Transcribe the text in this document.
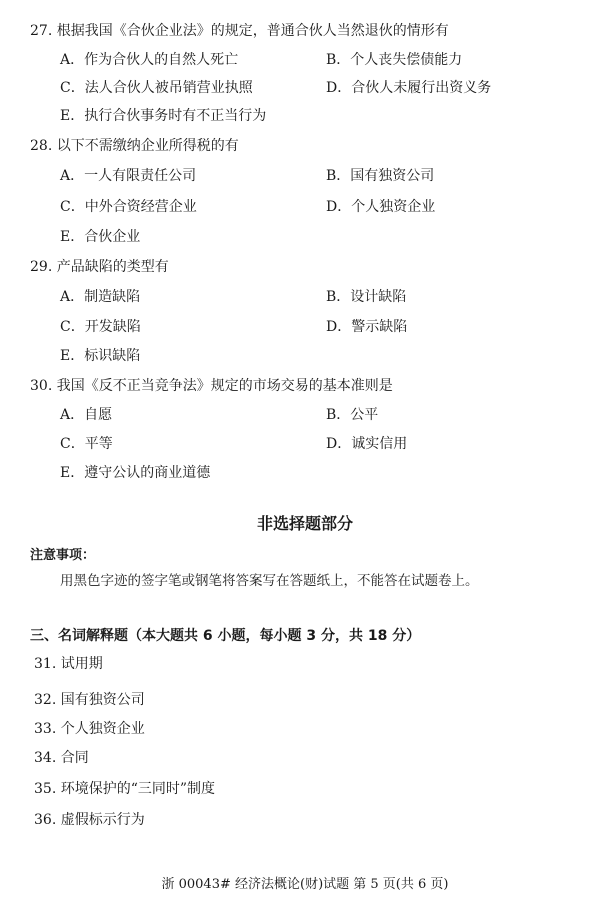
27. 根据我国《合伙企业法》的规定，普通合伙人当然退伙的情形有
A．作为合伙人的自然人死亡	B．个人丧失偿债能力
C．法人合伙人被吊销营业执照	D．合伙人未履行出资义务
E．执行合伙事务时有不正当行为
28. 以下不需缴纳企业所得税的有
A．一人有限责任公司	B．国有独资公司
C．中外合资经营企业	D．个人独资企业
E．合伙企业
29. 产品缺陷的类型有
A．制造缺陷	B．设计缺陷
C．开发缺陷	D．警示缺陷
E．标识缺陷
30. 我国《反不正当竞争法》规定的市场交易的基本准则是
A．自愿	B．公平
C．平等	D．诚实信用
E．遵守公认的商业道德
非选择题部分
注意事项：
用黑色字迹的签字笔或钢笔将答案写在答题纸上，不能答在试题卷上。
三、名词解释题（本大题共 6 小题，每小题 3 分，共 18 分）
31. 试用期
32. 国有独资公司
33. 个人独资企业
34. 合同
35. 环境保护的“三同时”制度
36. 虚假标示行为
浙 00043# 经济法概论(财)试题 第 5 页(共 6 页)
